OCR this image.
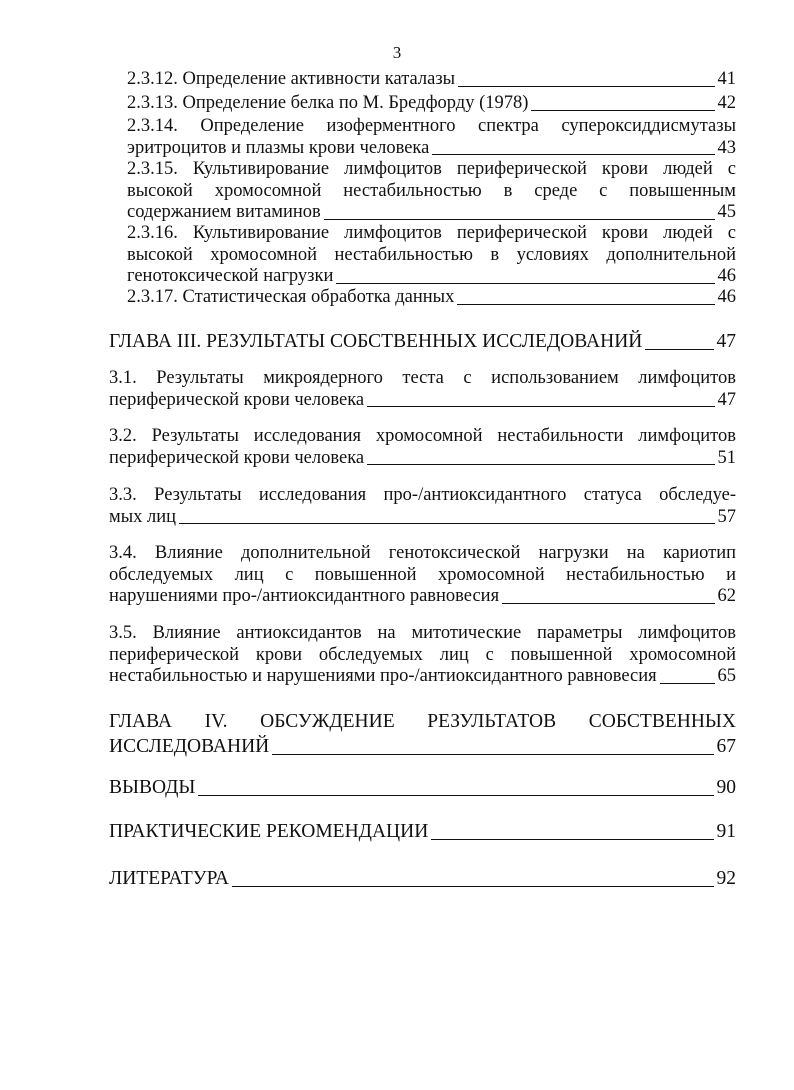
3
2.3.12. Определение активности каталазы	41
2.3.13. Определение белка по М. Бредфорду (1978)	42
2.3.14. Определение изоферментного спектра супероксиддисмутазы
эритроцитов и плазмы крови человека	43
2.3.15. Культивирование лимфоцитов периферической крови людей с
высокой хромосомной нестабильностью в среде с повышенным
содержанием витаминов	45
2.3.16. Культивирование лимфоцитов периферической крови людей с
высокой хромосомной нестабильностью в условиях дополнительной
генотоксической нагрузки	46
2.3.17. Статистическая обработка данных	46
ГЛАВА III. РЕЗУЛЬТАТЫ СОБСТВЕННЫХ ИССЛЕДОВАНИЙ	47
3.1. Результаты микроядерного теста с использованием лимфоцитов
периферической крови человека	47
3.2. Результаты исследования хромосомной нестабильности лимфоцитов
периферической крови человека	51
3.3. Результаты исследования про-/антиоксидантного статуса обследуе-
мых лиц	57
3.4. Влияние дополнительной генотоксической нагрузки на кариотип
обследуемых лиц с повышенной хромосомной нестабильностью и
нарушениями про-/антиоксидантного равновесия	62
3.5. Влияние антиоксидантов на митотические параметры лимфоцитов
периферической крови обследуемых лиц с повышенной хромосомной
нестабильностью и нарушениями про-/антиоксидантного равновесия	65
ГЛАВА IV. ОБСУЖДЕНИЕ РЕЗУЛЬТАТОВ СОБСТВЕННЫХ
ИССЛЕДОВАНИЙ	67
ВЫВОДЫ	90
ПРАКТИЧЕСКИЕ РЕКОМЕНДАЦИИ	91
ЛИТЕРАТУРА	92
